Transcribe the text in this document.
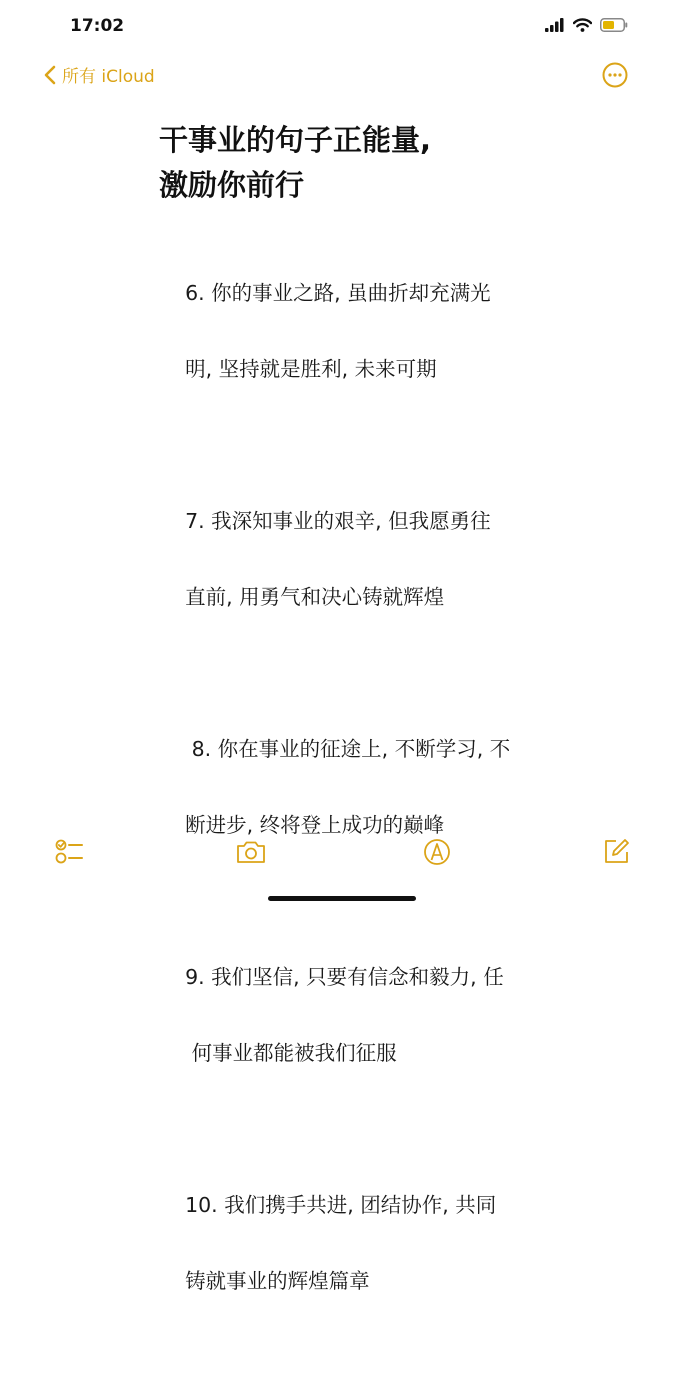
17:02
所有 iCloud
干事业的句子正能量,
激励你前行

6. 你的事业之路, 虽曲折却充满光

明, 坚持就是胜利, 未来可期

7. 我深知事业的艰辛, 但我愿勇往

直前, 用勇气和决心铸就辉煌

8. 你在事业的征途上, 不断学习, 不

断进步, 终将登上成功的巅峰

9. 我们坚信, 只要有信念和毅力, 任

何事业都能被我们征服

10. 我们携手共进, 团结协作, 共同

铸就事业的辉煌篇章
